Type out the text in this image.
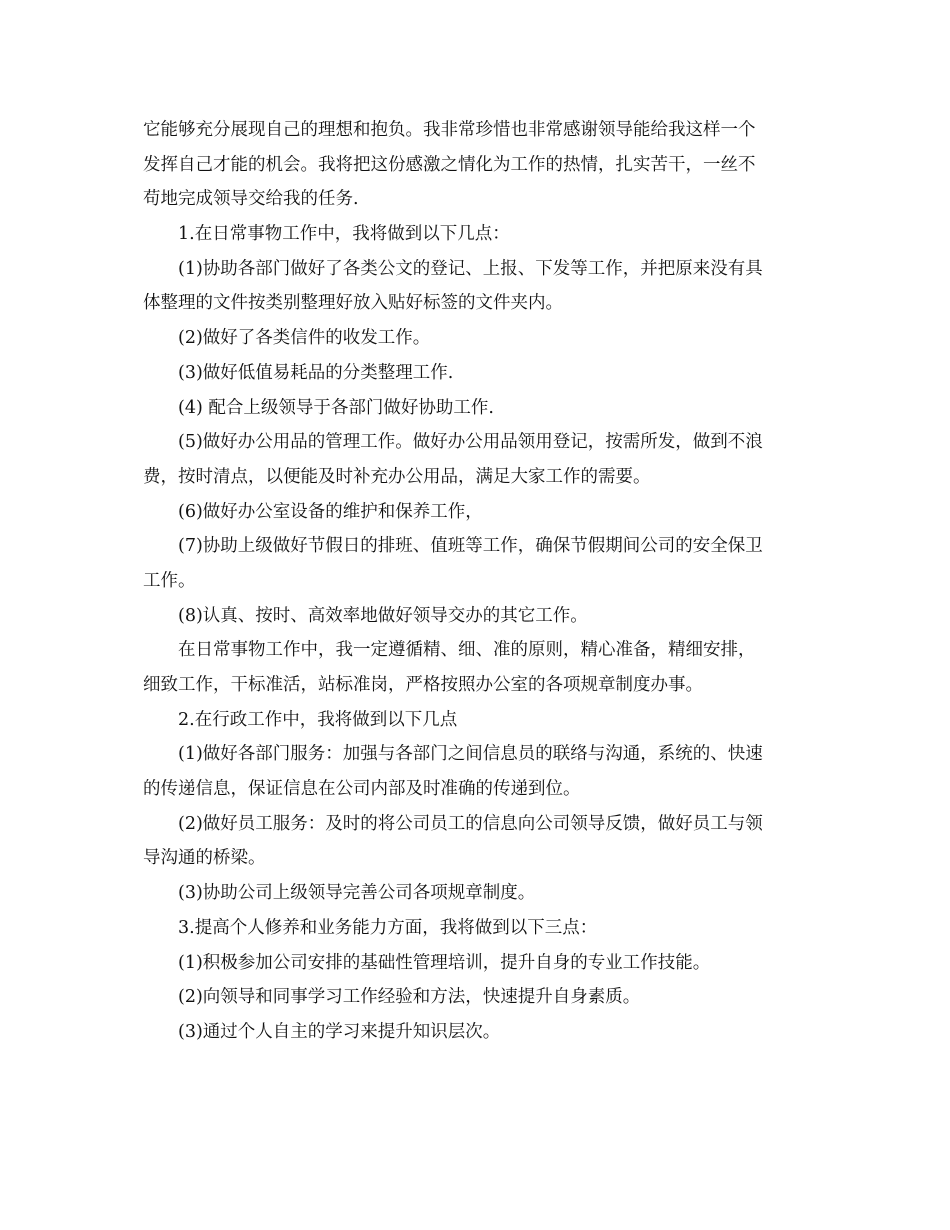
它能够充分展现自己的理想和抱负。我非常珍惜也非常感谢领导能给我这样一个
发挥自己才能的机会。我将把这份感激之情化为工作的热情，扎实苦干，一丝不
苟地完成领导交给我的任务.
1.在日常事物工作中，我将做到以下几点：
(1)协助各部门做好了各类公文的登记、上报、下发等工作，并把原来没有具
体整理的文件按类别整理好放入贴好标签的文件夹内。
(2)做好了各类信件的收发工作。
(3)做好低值易耗品的分类整理工作.
(4) 配合上级领导于各部门做好协助工作.
(5)做好办公用品的管理工作。做好办公用品领用登记，按需所发，做到不浪
费，按时清点，以便能及时补充办公用品，满足大家工作的需要。
(6)做好办公室设备的维护和保养工作，
(7)协助上级做好节假日的排班、值班等工作，确保节假期间公司的安全保卫
工作。
(8)认真、按时、高效率地做好领导交办的其它工作。
在日常事物工作中，我一定遵循精、细、准的原则，精心准备，精细安排，
细致工作，干标准活，站标准岗，严格按照办公室的各项规章制度办事。
2.在行政工作中，我将做到以下几点
(1)做好各部门服务：加强与各部门之间信息员的联络与沟通，系统的、快速
的传递信息，保证信息在公司内部及时准确的传递到位。
(2)做好员工服务：及时的将公司员工的信息向公司领导反馈，做好员工与领
导沟通的桥梁。
(3)协助公司上级领导完善公司各项规章制度。
3.提高个人修养和业务能力方面，我将做到以下三点：
(1)积极参加公司安排的基础性管理培训，提升自身的专业工作技能。
(2)向领导和同事学习工作经验和方法，快速提升自身素质。
(3)通过个人自主的学习来提升知识层次。
